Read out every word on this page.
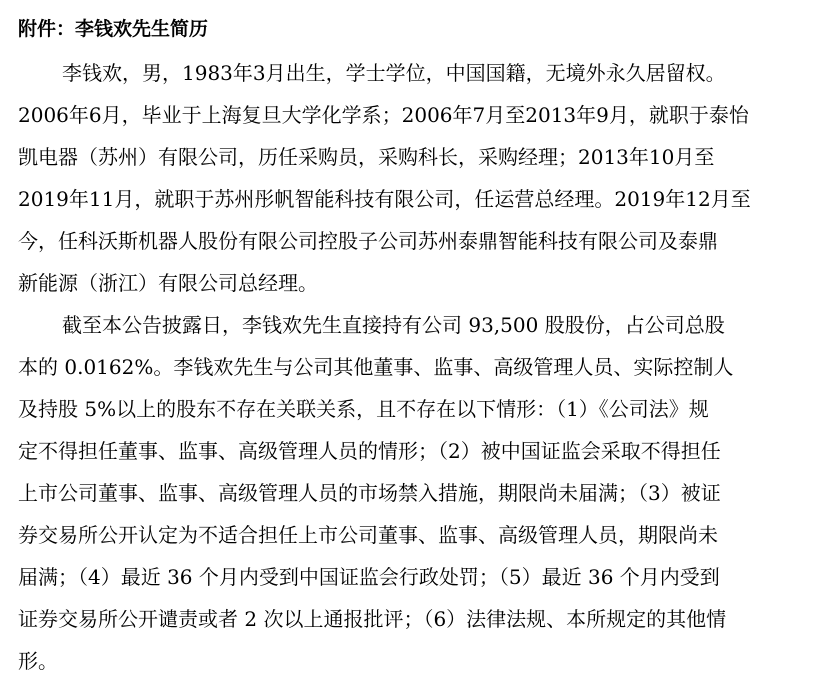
附件：李钱欢先生简历
李钱欢，男，1983年3月出生，学士学位，中国国籍，无境外永久居留权。
2006年6月，毕业于上海复旦大学化学系；2006年7月至2013年9月，就职于泰怡
凯电器（苏州）有限公司，历任采购员，采购科长，采购经理；2013年10月至
2019年11月，就职于苏州彤帆智能科技有限公司，任运营总经理。2019年12月至
今，任科沃斯机器人股份有限公司控股子公司苏州泰鼎智能科技有限公司及泰鼎
新能源（浙江）有限公司总经理。
截至本公告披露日，李钱欢先生直接持有公司 93,500 股股份，占公司总股
本的 0.0162%。李钱欢先生与公司其他董事、监事、高级管理人员、实际控制人
及持股 5%以上的股东不存在关联关系，且不存在以下情形：（1）《公司法》规
定不得担任董事、监事、高级管理人员的情形；（2）被中国证监会采取不得担任
上市公司董事、监事、高级管理人员的市场禁入措施，期限尚未届满；（3）被证
券交易所公开认定为不适合担任上市公司董事、监事、高级管理人员，期限尚未
届满；（4）最近 36 个月内受到中国证监会行政处罚；（5）最近 36 个月内受到
证券交易所公开谴责或者 2 次以上通报批评；（6）法律法规、本所规定的其他情
形。
